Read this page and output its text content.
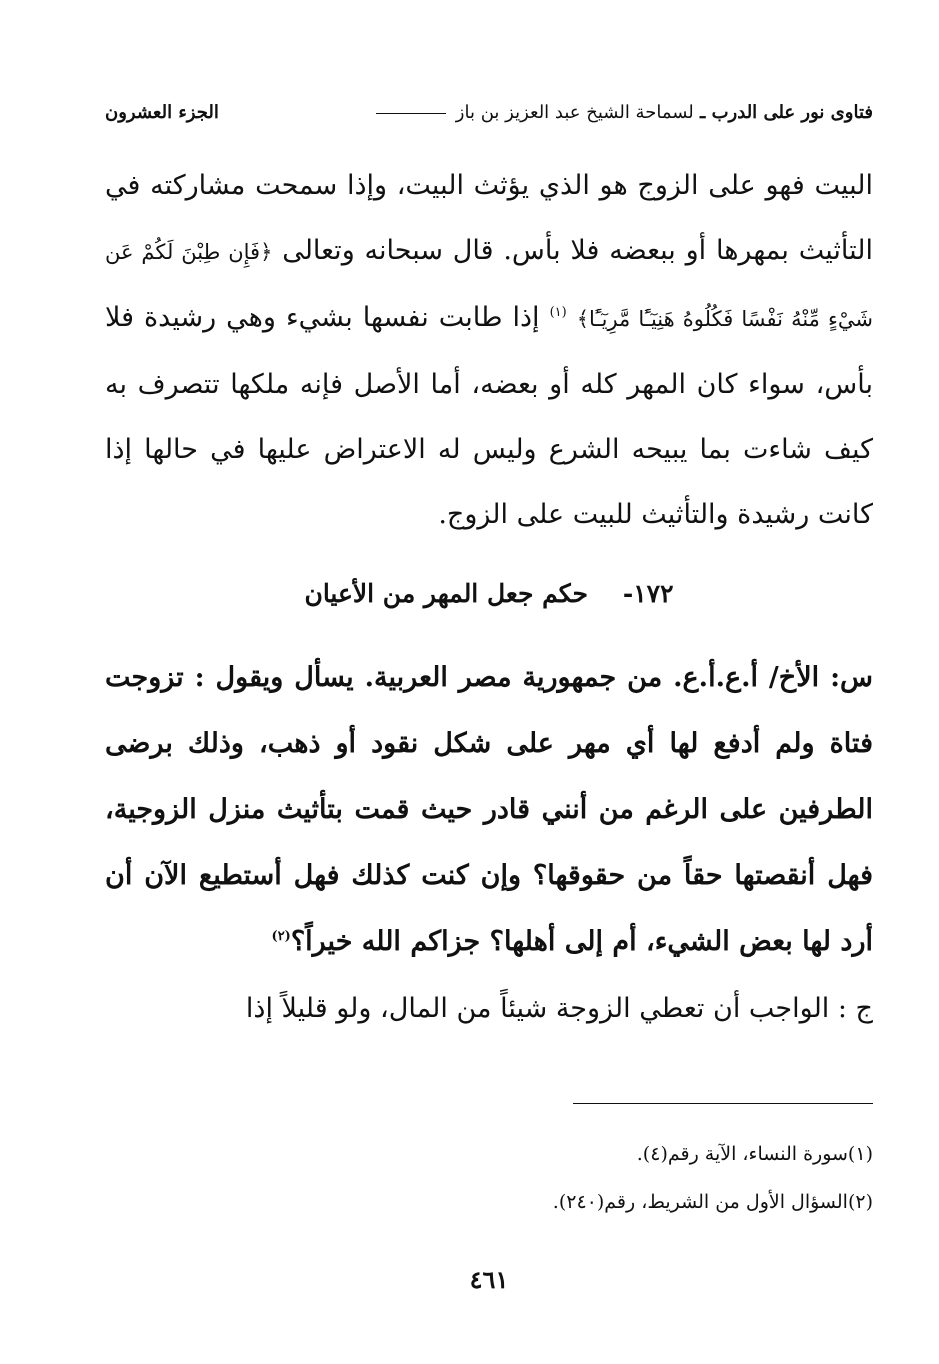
فتاوى نور على الدرب ـ لسماحة الشيخ عبد العزيز بن باز
الجزء العشرون

البيت فهو على الزوج هو الذي يؤثث البيت، وإذا سمحت مشاركته في التأثيث بمهرها أو ببعضه فلا بأس. قال سبحانه وتعالى ﴿فَإِن طِبْنَ لَكُمْ عَن شَيْءٍ مِّنْهُ نَفْسًا فَكُلُوهُ هَنِيٓـًٔا مَّرِيٓـًٔا﴾ $^{(١)}$ إذا طابت نفسها بشيء وهي رشيدة فلا بأس، سواء كان المهر كله أو بعضه، أما الأصل فإنه ملكها تتصرف به كيف شاءت بما يبيحه الشرع وليس له الاعتراض عليها في حالها إذا كانت رشيدة والتأثيث للبيت على الزوج.

١٧٢-    حكم جعل المهر من الأعيان

س: الأخ/ أ.ع.أ.ع. من جمهورية مصر العربية. يسأل ويقول : تزوجت فتاة ولم أدفع لها أي مهر على شكل نقود أو ذهب، وذلك برضى الطرفين على الرغم من أنني قادر حيث قمت بتأثيث منزل الزوجية، فهل أنقصتها حقاً من حقوقها؟ وإن كنت كذلك فهل أستطيع الآن أن أرد لها بعض الشيء، أم إلى أهلها؟ جزاكم الله خيراً؟$^{(٢)}$

ج : الواجب أن تعطي الزوجة شيئاً من المال، ولو قليلاً إذا

(١)سورة النساء، الآية رقم(٤).

(٢)السؤال الأول من الشريط، رقم(٢٤٠).

٤٦١
